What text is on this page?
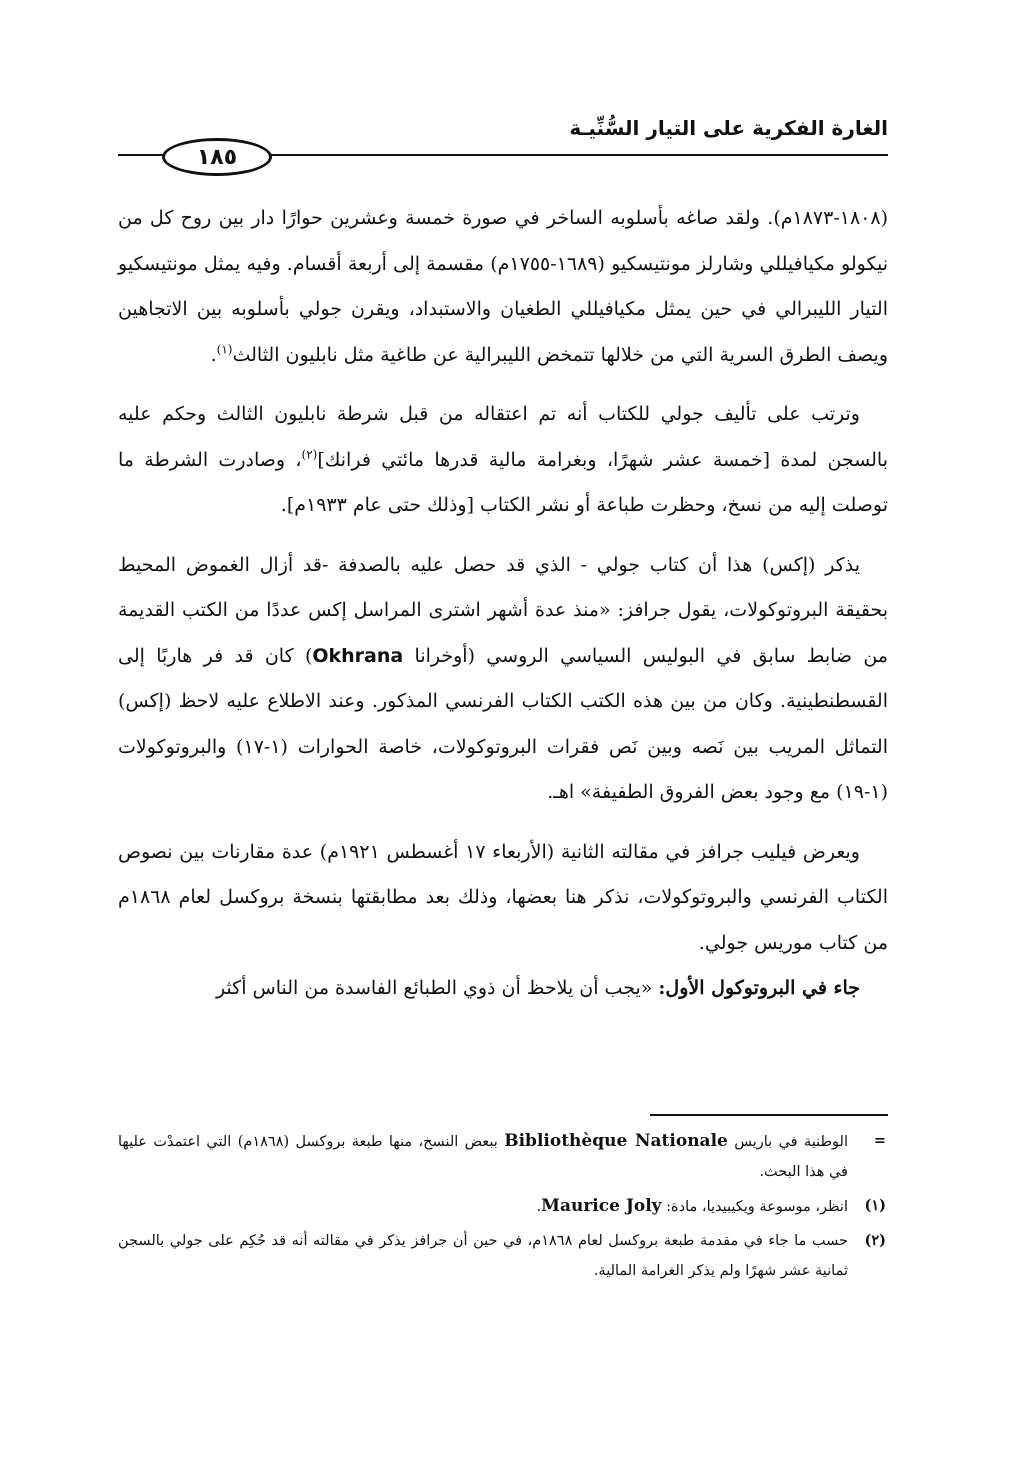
الغارة الفكرية على التيار السُّنِّيـة
١٨٥

(١٨٠٨-١٨٧٣م). ولقد صاغه بأسلوبه الساخر في صورة خمسة وعشرين حوارًا دار بين روح كل من نيكولو مكيافيللي وشارلز مونتيسكيو (١٦٨٩-١٧٥٥م) مقسمة إلى أربعة أقسام. وفيه يمثل مونتيسكيو التيار الليبرالي في حين يمثل مكيافيللي الطغيان والاستبداد، ويقرن جولي بأسلوبه بين الاتجاهين ويصف الطرق السرية التي من خلالها تتمخض الليبرالية عن طاغية مثل نابليون الثالث$^{(١)}$.

وترتب على تأليف جولي للكتاب أنه تم اعتقاله من قبل شرطة نابليون الثالث وحكم عليه بالسجن لمدة [خمسة عشر شهرًا، وبغرامة مالية قدرها مائتي فرانك]$^{(٢)}$، وصادرت الشرطة ما توصلت إليه من نسخ، وحظرت طباعة أو نشر الكتاب [وذلك حتى عام ١٩٣٣م].

يذكر (إكس) هذا أن كتاب جولي - الذي قد حصل عليه بالصدفة -قد أزال الغموض المحيط بحقيقة البروتوكولات، يقول جرافز: «منذ عدة أشهر اشترى المراسل إكس عددًا من الكتب القديمة من ضابط سابق في البوليس السياسي الروسي (أوخرانا Okhrana) كان قد فر هاربًا إلى القسطنطينية. وكان من بين هذه الكتب الكتاب الفرنسي المذكور. وعند الاطلاع عليه لاحظ (إكس) التماثل المريب بين نَصه وبين نَص فقرات البروتوكولات، خاصة الحوارات (١-١٧) والبروتوكولات (١-١٩) مع وجود بعض الفروق الطفيفة» اهـ.

ويعرض فيليب جرافز في مقالته الثانية (الأربعاء ١٧ أغسطس ١٩٢١م) عدة مقارنات بين نصوص الكتاب الفرنسي والبروتوكولات، نذكر هنا بعضها، وذلك بعد مطابقتها بنسخة بروكسل لعام ١٨٦٨م من كتاب موريس جولي.

جاء في البروتوكول الأول: «يجب أن يلاحظ أن ذوي الطبائع الفاسدة من الناس أكثر

=
الوطنية في باريس Bibliothèque Nationale ببعض النسخ، منها طبعة بروكسل (١٨٦٨م) التي اعتمدْت عليها في هذا البحث.
(١)
انظر، موسوعة ويكيبيديا، مادة: Maurice Joly.
(٢)
حسب ما جاء في مقدمة طبعة بروكسل لعام ١٨٦٨م، في حين أن جرافز يذكر في مقالته أنه قد حُكِم على جولي بالسجن ثمانية عشر شهرًا ولم يذكر الغرامة المالية.
